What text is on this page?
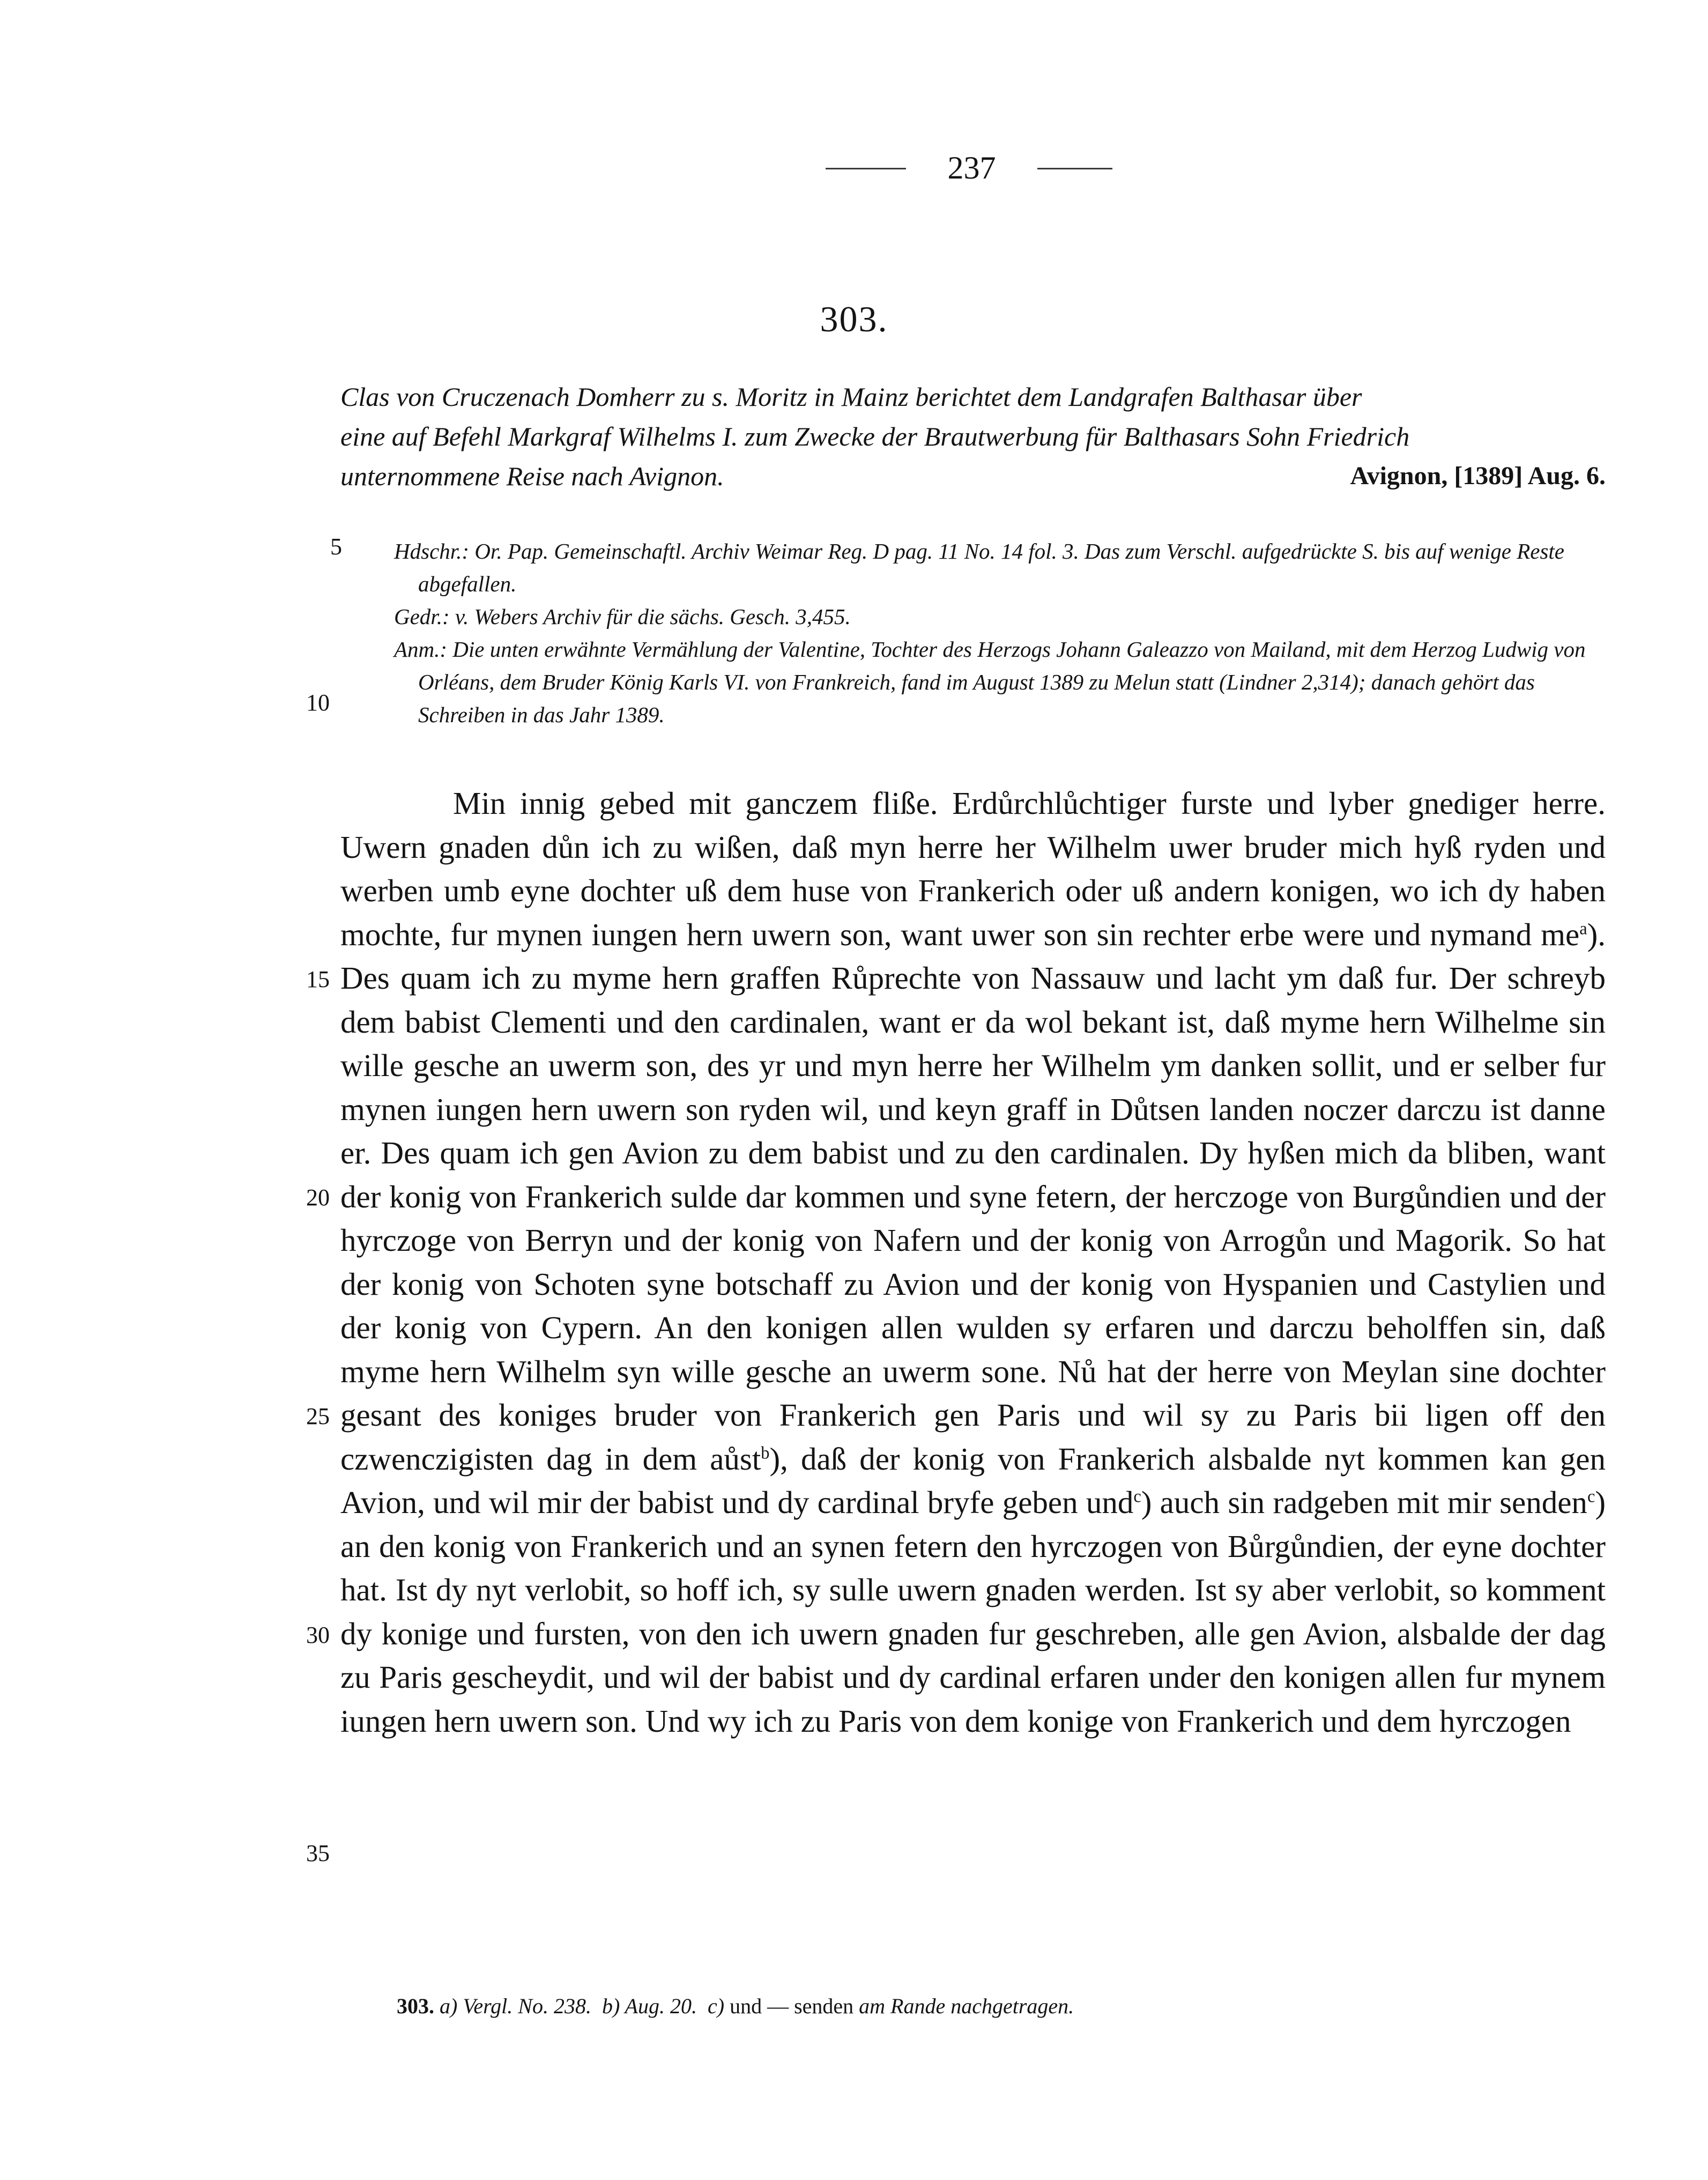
237
303.

Clas von Cruczenach Domherr zu s. Moritz in Mainz berichtet dem Landgrafen Balthasar über

eine auf Befehl Markgraf Wilhelms I. zum Zwecke der Brautwerbung für Balthasars Sohn Friedrich

unternommene Reise nach Avignon.	Avignon, [1389] Aug. 6.

5
10
15
20
25
30
35

Hdschr.: Or. Pap. Gemeinschaftl. Archiv Weimar Reg. D pag. 11 No. 14 fol. 3. Das zum Verschl. aufgedrückte S. bis auf wenige Reste abgefallen.

Gedr.: v. Webers Archiv für die sächs. Gesch. 3,455.

Anm.: Die unten erwähnte Vermählung der Valentine, Tochter des Herzogs Johann Galeazzo von Mailand, mit dem Herzog Ludwig von Orléans, dem Bruder König Karls VI. von Frankreich, fand im August 1389 zu Melun statt (Lindner 2,314); danach gehört das Schreiben in das Jahr 1389.

Min innig gebed mit ganczem fliße. Erdůrchlůchtiger furste und lyber gnediger herre. Uwern gnaden důn ich zu wißen, daß myn herre her Wilhelm uwer bruder mich hyß ryden und werben umb eyne dochter uß dem huse von Frankerich oder uß andern konigen, wo ich dy haben mochte, fur mynen iungen hern uwern son, want uwer son sin rechter erbe were und nymand $me^a$). Des quam ich zu myme hern graffen Růprechte von Nassauw und lacht ym daß fur. Der schreyb dem babist Clementi und den cardinalen, want er da wol bekant ist, daß myme hern Wilhelme sin wille gesche an uwerm son, des yr und myn herre her Wilhelm ym danken sollit, und er selber fur mynen iungen hern uwern son ryden wil, und keyn graff in Důtsen landen noczer darczu ist danne er. Des quam ich gen Avion zu dem babist und zu den cardinalen. Dy hyßen mich da bliben, want der konig von Frankerich sulde dar kommen und syne fetern, der herczoge von Burgůndien und der hyrczoge von Berryn und der konig von Nafern und der konig von Arrogůn und Magorik. So hat der konig von Schoten syne botschaff zu Avion und der konig von Hyspanien und Castylien und der konig von Cypern. An den konigen allen wulden sy erfaren und darczu beholffen sin, daß myme hern Wilhelm syn wille gesche an uwerm sone. Nů hat der herre von Meylan sine dochter gesant des koniges bruder von Frankerich gen Paris und wil sy zu Paris bii ligen off den czwenczigisten dag in dem aůst$^b$), daß der konig von Frankerich alsbalde nyt kommen kan gen Avion, und wil mir der babist und dy cardinal bryfe geben und$^c$) auch sin radgeben mit mir senden$^c$) an den konig von Frankerich und an synen fetern den hyrczogen von Bůrgůndien, der eyne dochter hat. Ist dy nyt verlobit, so hoff ich, sy sulle uwern gnaden werden. Ist sy aber verlobit, so komment dy konige und fursten, von den ich uwern gnaden fur geschreben, alle gen Avion, alsbalde der dag zu Paris gescheydit, und wil der babist und dy cardinal erfaren under den konigen allen fur mynem iungen hern uwern son. Und wy ich zu Paris von dem konige von Frankerich und dem hyrczogen

303. a) Vergl. No. 238. b) Aug. 20. c) und — senden am Rande nachgetragen.
